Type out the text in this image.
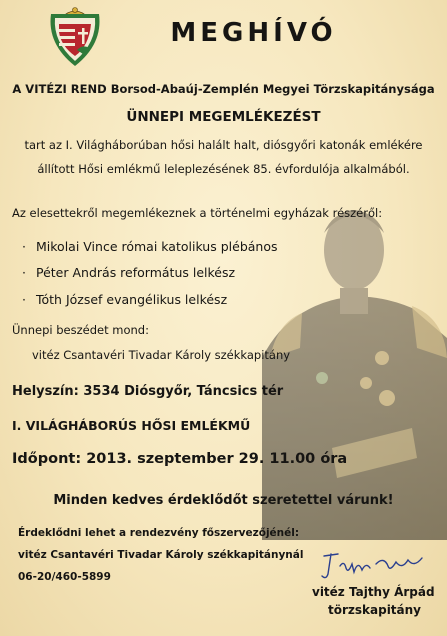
MEGHÍVÓ
A VITÉZI REND Borsod-Abaúj-Zemplén Megyei Törzskapitánysága
ÜNNEPI MEGEMLÉKEZÉST
tart az I. Világháborúban hősi halált halt, diósgyőri katonák emlékére
állított Hősi emlékmű leleplezésének 85. évfordulója alkalmából.
Az elesettekről megemlékeznek a történelmi egyházak részéről:
· Mikolai Vince római katolikus plébános
· Péter András református lelkész
· Tóth József evangélikus lelkész
Ünnepi beszédet mond:
vitéz Csantavéri Tivadar Károly székkapitány
Helyszín: 3534 Diósgyőr, Táncsics tér
I. VILÁGHÁBORÚS HŐSI EMLÉKMŰ
Időpont: 2013. szeptember 29. 11.00 óra
Minden kedves érdeklődőt szeretettel várunk!
Érdeklődni lehet a rendezvény főszervezőjénél:
vitéz Csantavéri Tivadar Károly székkapitánynál
06-20/460-5899
vitéz Tajthy Árpád
törzskapitány
